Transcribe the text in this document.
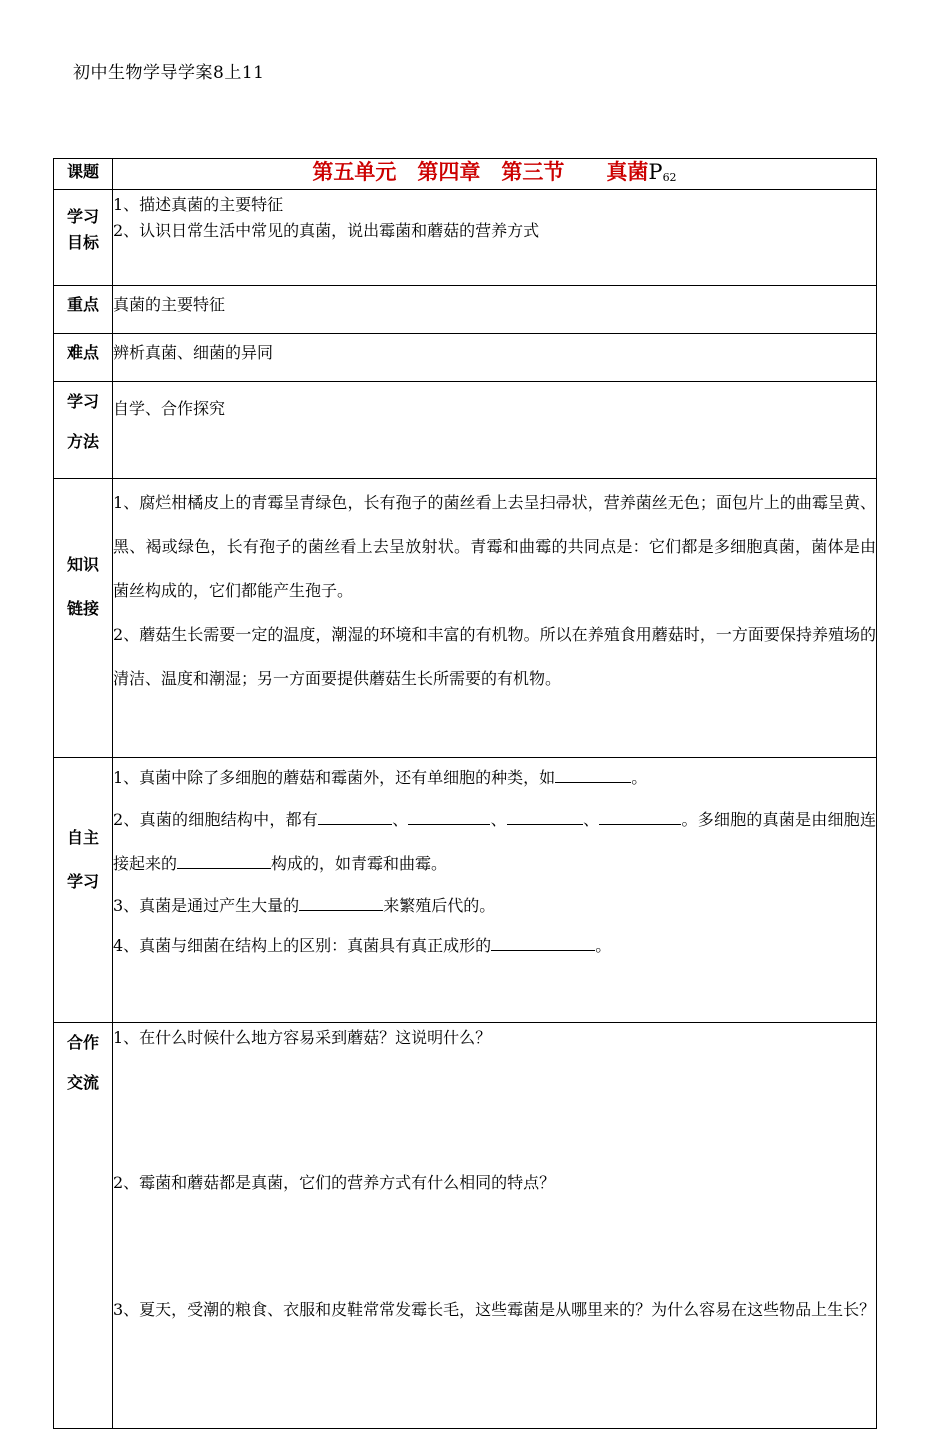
初中生物学导学案8上11
课题	第五单元　第四章　第三节　　真菌$P_{62}$

学习
目标	1、描述真菌的主要特征
2、认识日常生活中常见的真菌，说出霉菌和蘑菇的营养方式

重点	真菌的主要特征
难点	辨析真菌、细菌的异同

学习
方法	自学、合作探究

知识
链接	1、腐烂柑橘皮上的青霉呈青绿色，长有孢子的菌丝看上去呈扫帚状，营养菌丝无色；面包片上的曲霉呈黄、黑、褐或绿色，长有孢子的菌丝看上去呈放射状。青霉和曲霉的共同点是：它们都是多细胞真菌，菌体是由菌丝构成的，它们都能产生孢子。
2、蘑菇生长需要一定的温度，潮湿的环境和丰富的有机物。所以在养殖食用蘑菇时，一方面要保持养殖场的清洁、温度和潮湿；另一方面要提供蘑菇生长所需要的有机物。

自主
学习	1、真菌中除了多细胞的蘑菇和霉菌外，还有单细胞的种类，如 。
2、真菌的细胞结构中，都有 、 、 、 。多细胞的真菌是由细胞连接起来的 构成的，如青霉和曲霉。
3、真菌是通过产生大量的 来繁殖后代的。
4、真菌与细菌在结构上的区别：真菌具有真正成形的 。

合作
交流	1、在什么时候什么地方容易采到蘑菇？这说明什么？
2、霉菌和蘑菇都是真菌，它们的营养方式有什么相同的特点？
3、夏天，受潮的粮食、衣服和皮鞋常常发霉长毛，这些霉菌是从哪里来的？为什么容易在这些物品上生长？
